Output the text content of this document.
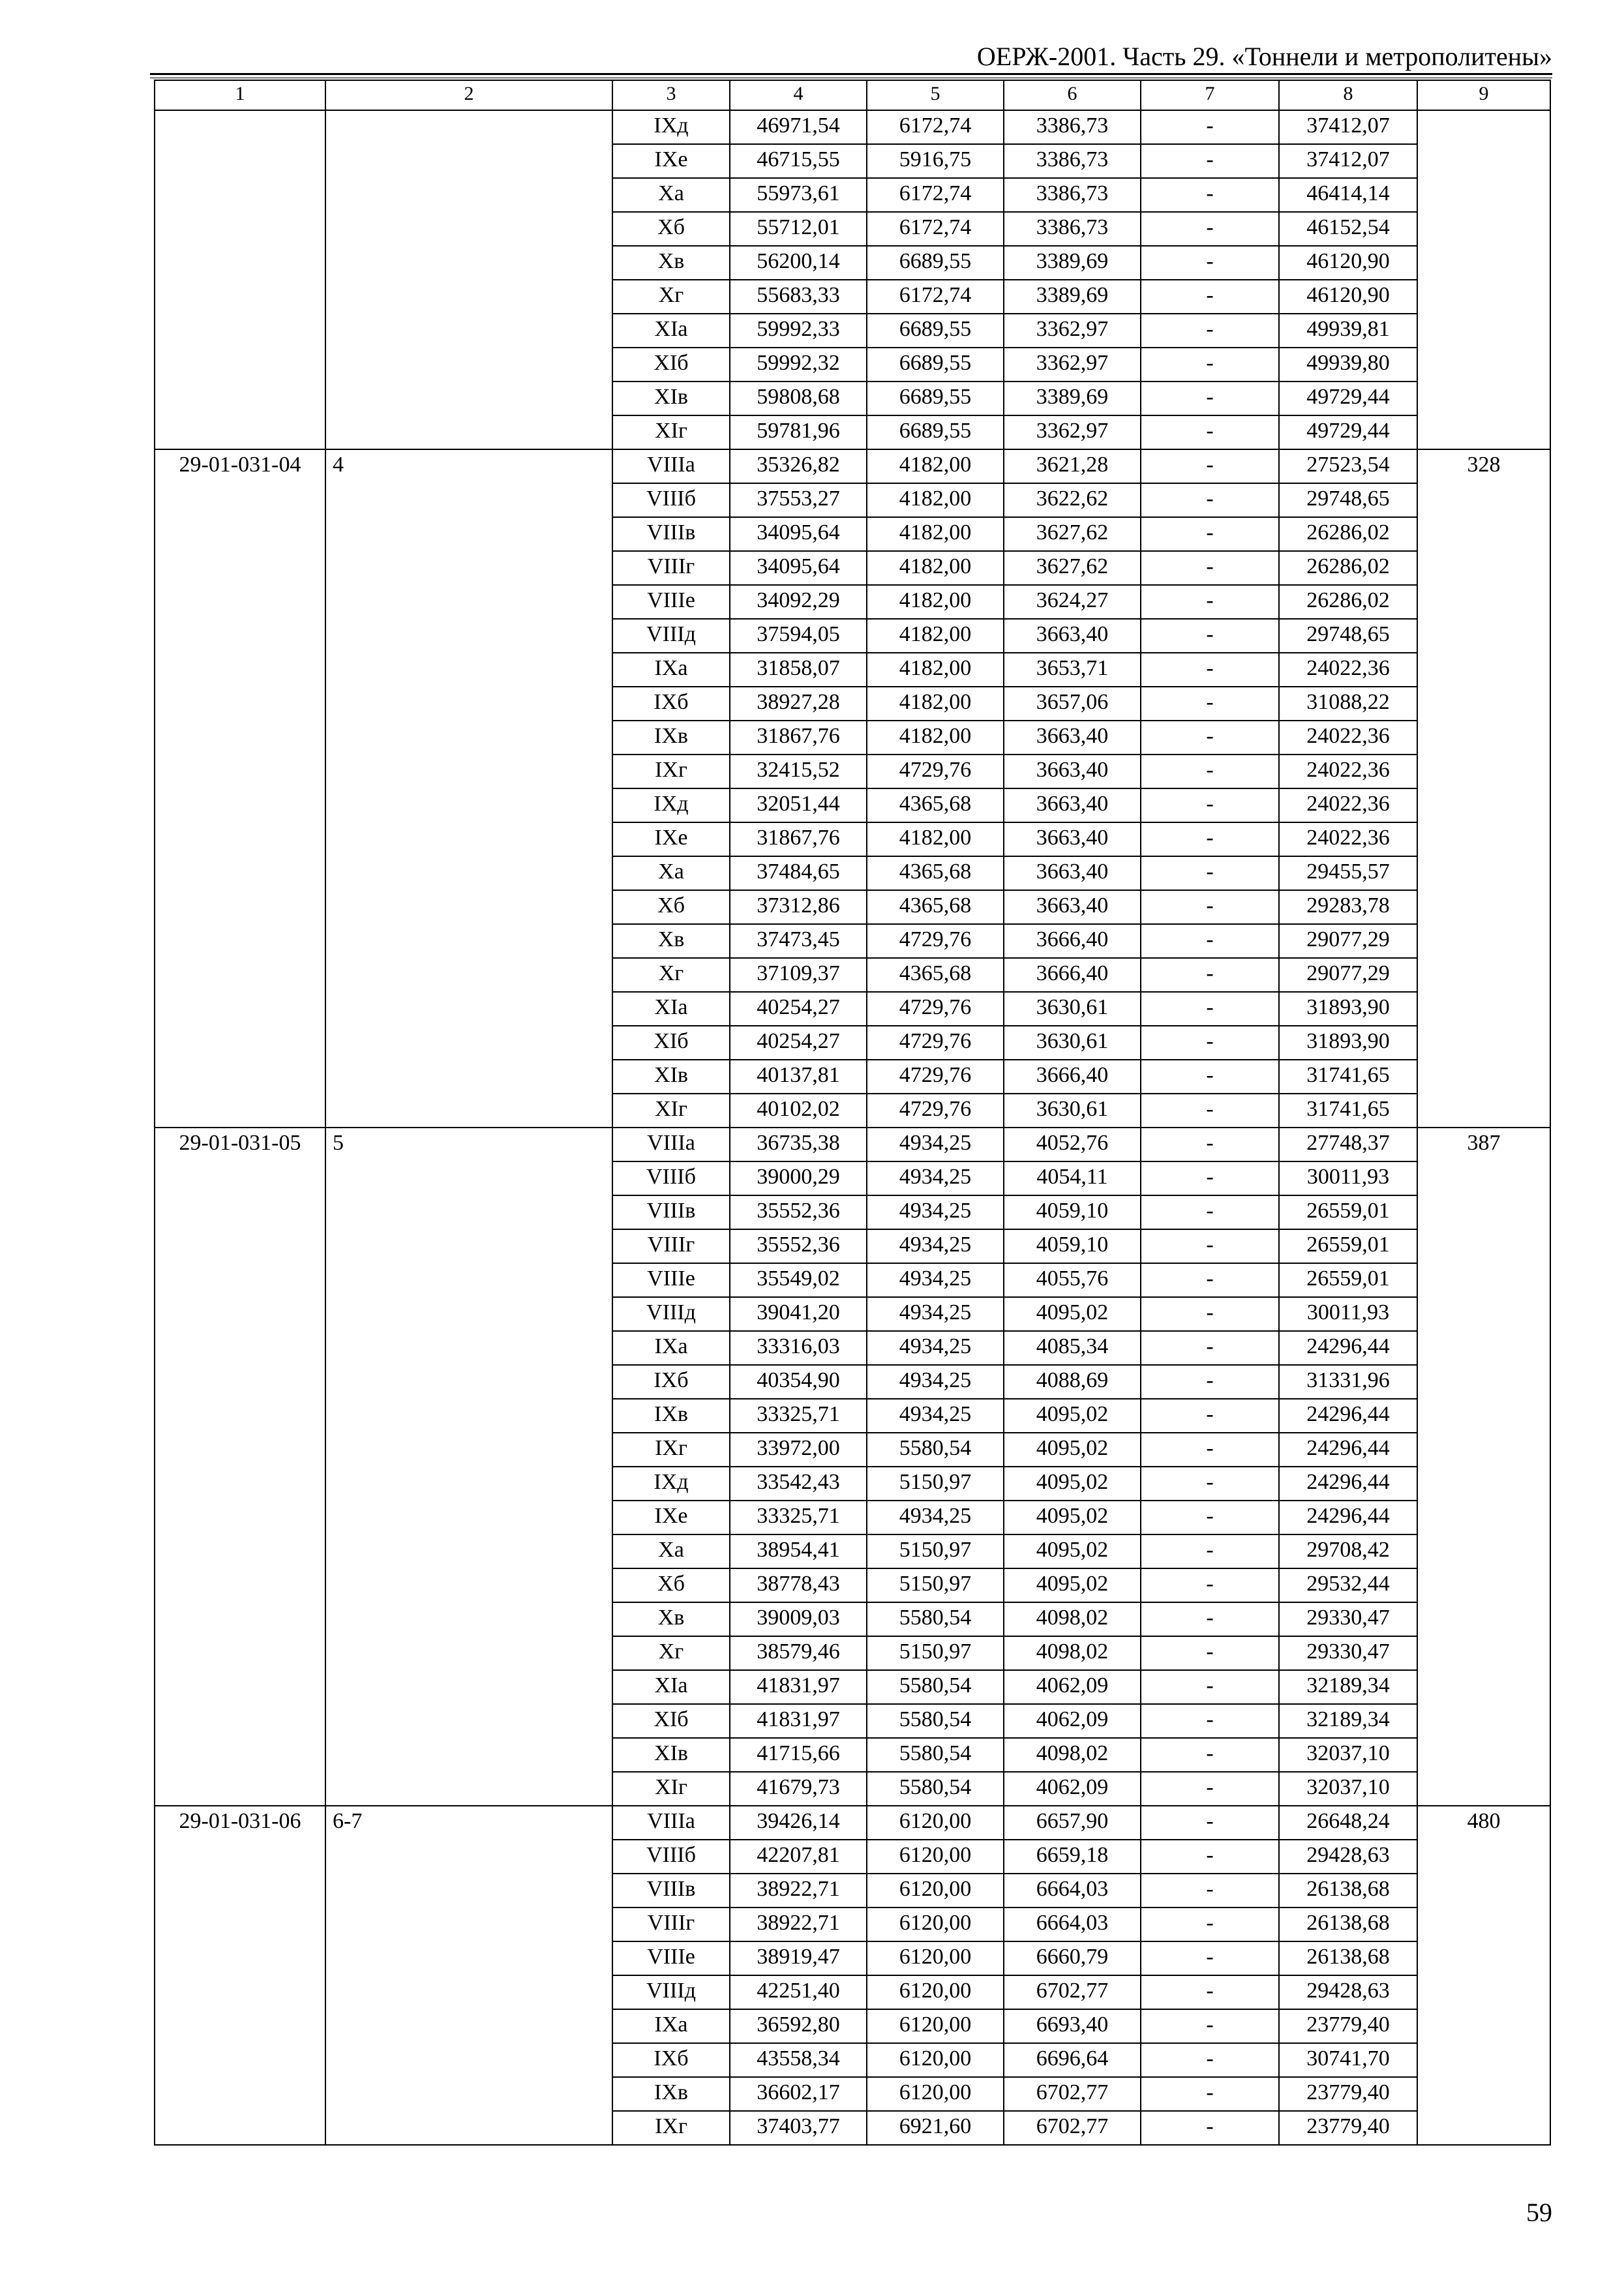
ОЕРЖ-2001. Часть 29. «Тоннели и метрополитены»
1	2	3	4	5	6	7	8	9
		IXд	46971,54	6172,74	3386,73	-	37412,07	
		IXе	46715,55	5916,75	3386,73	-	37412,07	
		Xа	55973,61	6172,74	3386,73	-	46414,14	
		Xб	55712,01	6172,74	3386,73	-	46152,54	
		Xв	56200,14	6689,55	3389,69	-	46120,90	
		Xг	55683,33	6172,74	3389,69	-	46120,90	
		XIа	59992,33	6689,55	3362,97	-	49939,81	
		XIб	59992,32	6689,55	3362,97	-	49939,80	
		XIв	59808,68	6689,55	3389,69	-	49729,44	
		XIг	59781,96	6689,55	3362,97	-	49729,44	
29-01-031-04	4	VIIIа	35326,82	4182,00	3621,28	-	27523,54	328
		VIIIб	37553,27	4182,00	3622,62	-	29748,65	
		VIIIв	34095,64	4182,00	3627,62	-	26286,02	
		VIIIг	34095,64	4182,00	3627,62	-	26286,02	
		VIIIе	34092,29	4182,00	3624,27	-	26286,02	
		VIIIд	37594,05	4182,00	3663,40	-	29748,65	
		IXа	31858,07	4182,00	3653,71	-	24022,36	
		IXб	38927,28	4182,00	3657,06	-	31088,22	
		IXв	31867,76	4182,00	3663,40	-	24022,36	
		IXг	32415,52	4729,76	3663,40	-	24022,36	
		IXд	32051,44	4365,68	3663,40	-	24022,36	
		IXе	31867,76	4182,00	3663,40	-	24022,36	
		Xа	37484,65	4365,68	3663,40	-	29455,57	
		Xб	37312,86	4365,68	3663,40	-	29283,78	
		Xв	37473,45	4729,76	3666,40	-	29077,29	
		Xг	37109,37	4365,68	3666,40	-	29077,29	
		XIа	40254,27	4729,76	3630,61	-	31893,90	
		XIб	40254,27	4729,76	3630,61	-	31893,90	
		XIв	40137,81	4729,76	3666,40	-	31741,65	
		XIг	40102,02	4729,76	3630,61	-	31741,65	
29-01-031-05	5	VIIIа	36735,38	4934,25	4052,76	-	27748,37	387
		VIIIб	39000,29	4934,25	4054,11	-	30011,93	
		VIIIв	35552,36	4934,25	4059,10	-	26559,01	
		VIIIг	35552,36	4934,25	4059,10	-	26559,01	
		VIIIе	35549,02	4934,25	4055,76	-	26559,01	
		VIIIд	39041,20	4934,25	4095,02	-	30011,93	
		IXа	33316,03	4934,25	4085,34	-	24296,44	
		IXб	40354,90	4934,25	4088,69	-	31331,96	
		IXв	33325,71	4934,25	4095,02	-	24296,44	
		IXг	33972,00	5580,54	4095,02	-	24296,44	
		IXд	33542,43	5150,97	4095,02	-	24296,44	
		IXе	33325,71	4934,25	4095,02	-	24296,44	
		Xа	38954,41	5150,97	4095,02	-	29708,42	
		Xб	38778,43	5150,97	4095,02	-	29532,44	
		Xв	39009,03	5580,54	4098,02	-	29330,47	
		Xг	38579,46	5150,97	4098,02	-	29330,47	
		XIа	41831,97	5580,54	4062,09	-	32189,34	
		XIб	41831,97	5580,54	4062,09	-	32189,34	
		XIв	41715,66	5580,54	4098,02	-	32037,10	
		XIг	41679,73	5580,54	4062,09	-	32037,10	
29-01-031-06	6-7	VIIIа	39426,14	6120,00	6657,90	-	26648,24	480
		VIIIб	42207,81	6120,00	6659,18	-	29428,63	
		VIIIв	38922,71	6120,00	6664,03	-	26138,68	
		VIIIг	38922,71	6120,00	6664,03	-	26138,68	
		VIIIе	38919,47	6120,00	6660,79	-	26138,68	
		VIIIд	42251,40	6120,00	6702,77	-	29428,63	
		IXа	36592,80	6120,00	6693,40	-	23779,40	
		IXб	43558,34	6120,00	6696,64	-	30741,70	
		IXв	36602,17	6120,00	6702,77	-	23779,40	
		IXг	37403,77	6921,60	6702,77	-	23779,40	
59
